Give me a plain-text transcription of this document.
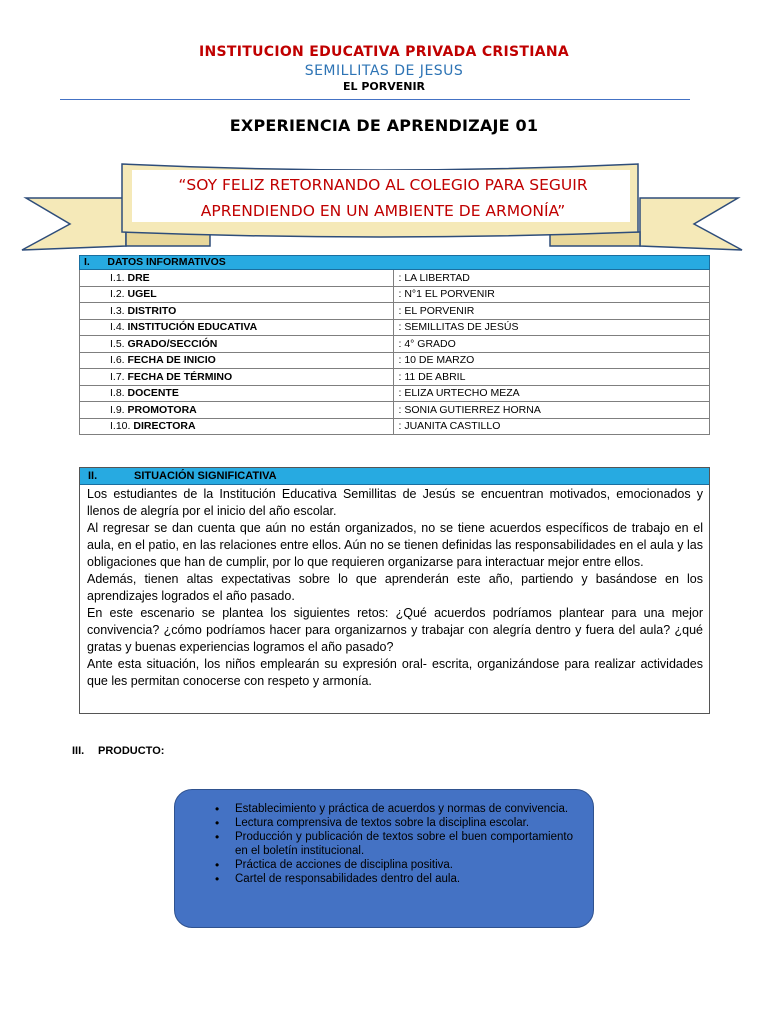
INSTITUCION EDUCATIVA PRIVADA CRISTIANA
SEMILLITAS DE JESUS
EL PORVENIR
EXPERIENCIA DE APRENDIZAJE 01
“SOY FELIZ RETORNANDO AL COLEGIO PARA SEGUIR APRENDIENDO EN UN AMBIENTE DE ARMONÍA”
I. DATOS INFORMATIVOS	
I.1. DRE	: LA LIBERTAD
I.2. UGEL	: N°1 EL PORVENIR
I.3. DISTRITO	: EL PORVENIR
I.4. INSTITUCIÓN EDUCATIVA	: SEMILLITAS DE JESÚS
I.5. GRADO/SECCIÓN	: 4° GRADO
I.6. FECHA DE INICIO	: 10 DE MARZO
I.7. FECHA DE TÉRMINO	: 11 DE ABRIL
I.8. DOCENTE	: ELIZA URTECHO MEZA
I.9. PROMOTORA	: SONIA GUTIERREZ HORNA
I.10. DIRECTORA	: JUANITA CASTILLO
II.	SITUACIÓN SIGNIFICATIVA

Los estudiantes de la Institución Educativa Semillitas de Jesús se encuentran motivados, emocionados y llenos de alegría por el inicio del año escolar.

Al regresar se dan cuenta que aún no están organizados, no se tiene acuerdos específicos de trabajo en el aula, en el patio, en las relaciones entre ellos. Aún no se tienen definidas las responsabilidades en el aula y las obligaciones que han de cumplir, por lo que requieren organizarse para interactuar mejor entre ellos.

Además, tienen altas expectativas sobre lo que aprenderán este año, partiendo y basándose en los aprendizajes logrados el año pasado.

En este escenario se plantea los siguientes retos: ¿Qué acuerdos podríamos plantear para una mejor convivencia? ¿cómo podríamos hacer para organizarnos y trabajar con alegría dentro y fuera del aula? ¿qué gratas y buenas experiencias logramos el año pasado?

Ante esta situación, los niños emplearán su expresión oral- escrita, organizándose para realizar actividades que les permitan conocerse con respeto y armonía.

III. PRODUCTO:
• Establecimiento y práctica de acuerdos y normas de convivencia.
• Lectura comprensiva de textos sobre la disciplina escolar.
• Producción y publicación de textos sobre el buen comportamiento en el boletín institucional.
• Práctica de acciones de disciplina positiva.
• Cartel de responsabilidades dentro del aula.
